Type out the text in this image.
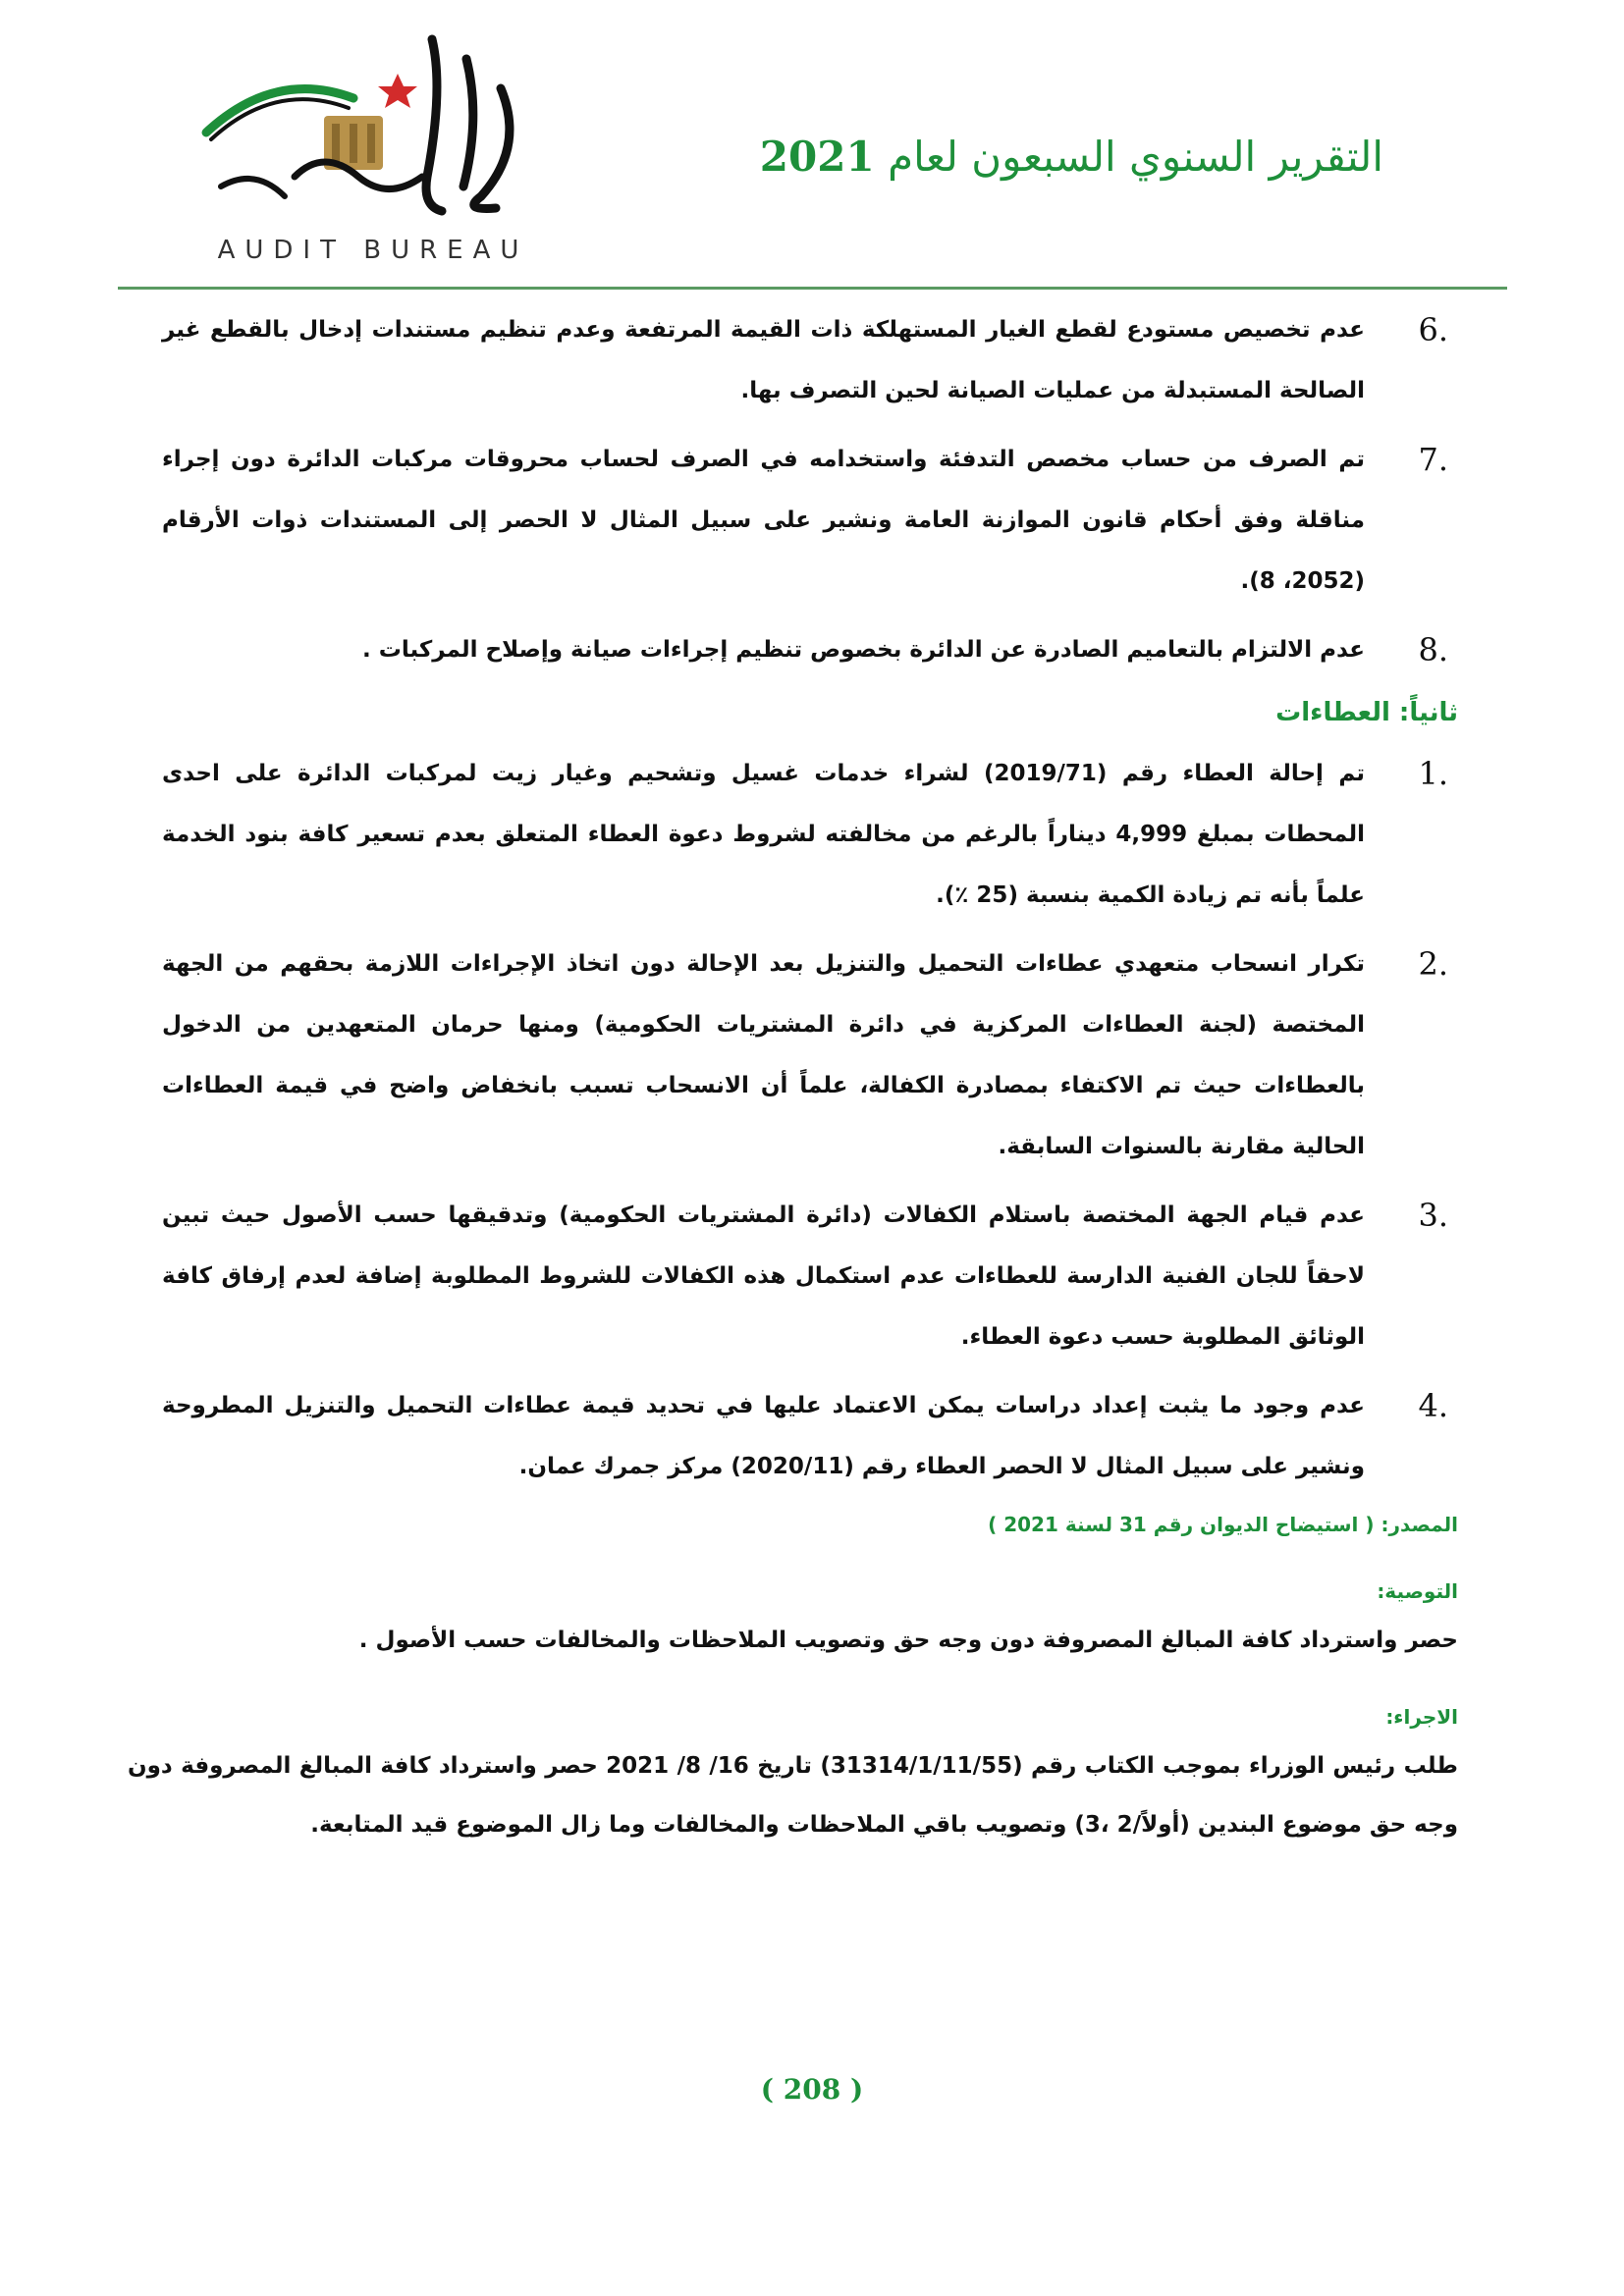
AUDIT BUREAU
التقرير السنوي السبعون لعام 2021
6.
عدم تخصيص مستودع لقطع الغيار المستهلكة ذات القيمة المرتفعة وعدم تنظيم مستندات إدخال بالقطع غير الصالحة المستبدلة من عمليات الصيانة لحين التصرف بها.
7.
تم الصرف من حساب مخصص التدفئة واستخدامه في الصرف لحساب محروقات مركبات الدائرة دون إجراء مناقلة وفق أحكام قانون الموازنة العامة ونشير على سبيل المثال لا الحصر إلى المستندات ذوات الأرقام (2052، 8).
8.
عدم الالتزام بالتعاميم الصادرة عن الدائرة بخصوص تنظيم إجراءات صيانة وإصلاح المركبات .
ثانياً: العطاءات
1.
تم إحالة العطاء رقم (2019/71) لشراء خدمات غسيل وتشحيم وغيار زيت لمركبات الدائرة على احدى المحطات بمبلغ 4,999 ديناراً بالرغم من مخالفته لشروط دعوة العطاء المتعلق بعدم تسعير كافة بنود الخدمة علماً بأنه تم زيادة الكمية بنسبة (25 ٪).
2.
تكرار انسحاب متعهدي عطاءات التحميل والتنزيل بعد الإحالة دون اتخاذ الإجراءات اللازمة بحقهم من الجهة المختصة (لجنة العطاءات المركزية في دائرة المشتريات الحكومية) ومنها حرمان المتعهدين من الدخول بالعطاءات حيث تم الاكتفاء بمصادرة الكفالة، علماً أن الانسحاب تسبب بانخفاض واضح في قيمة العطاءات الحالية مقارنة بالسنوات السابقة.
3.
عدم قيام الجهة المختصة باستلام الكفالات (دائرة المشتريات الحكومية) وتدقيقها حسب الأصول حيث تبين لاحقاً للجان الفنية الدارسة للعطاءات عدم استكمال هذه الكفالات للشروط المطلوبة إضافة لعدم إرفاق كافة الوثائق المطلوبة حسب دعوة العطاء.
4.
عدم وجود ما يثبت إعداد دراسات يمكن الاعتماد عليها في تحديد قيمة عطاءات التحميل والتنزيل المطروحة ونشير على سبيل المثال لا الحصر العطاء رقم (2020/11) مركز جمرك عمان.
المصدر: ( استيضاح الديوان رقم 31 لسنة 2021 )
التوصية:
حصر واسترداد كافة المبالغ المصروفة دون وجه حق وتصويب الملاحظات والمخالفات حسب الأصول .
الاجراء:
طلب رئيس الوزراء بموجب الكتاب رقم (31314/1/11/55) تاريخ 16/ 8/ 2021 حصر واسترداد كافة المبالغ المصروفة دون وجه حق موضوع البندين (أولاً/2 ،3) وتصويب باقي الملاحظات والمخالفات وما زال الموضوع قيد المتابعة.
( 208 )
